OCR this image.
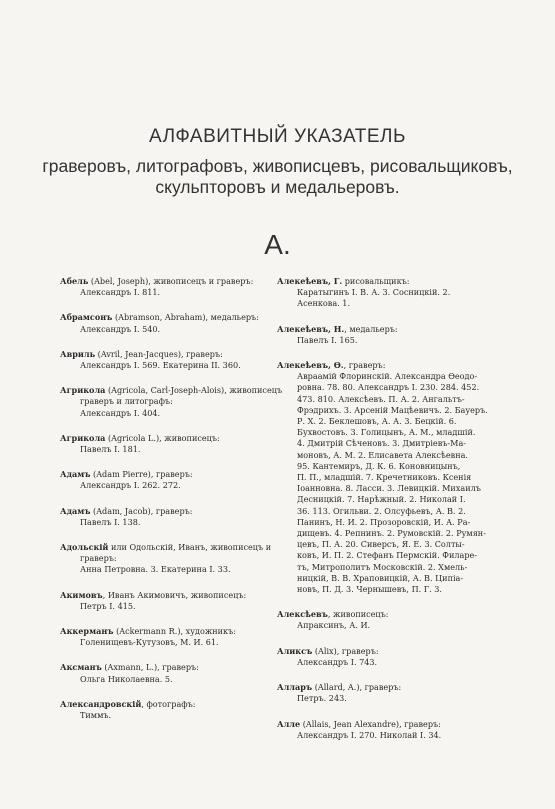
АЛФАВИТНЫЙ УКАЗАТЕЛЬ
граверовъ, литографовъ, живописцевъ, рисовальщиковъ,
скульпторовъ и медальеровъ.
А.
Абель (Abel, Joseph), живописецъ и граверъ:
Александръ I. 811.
Абрамсонъ (Abramson, Abraham), медальеръ:
Александръ I. 540.
Авриль (Avril, Jean-Jacques), граверъ:
Александръ I. 569. Екатерина II. 360.
Агрикола (Agricola, Carl-Joseph-Alois), живописецъ
граверъ и литографъ:
Александръ I. 404.
Агрикола (Agricola L.), живописецъ:
Павелъ I. 181.
Адамъ (Adam Pierre), граверъ:
Александръ I. 262. 272.
Адамъ (Adam, Jacob), граверъ:
Павелъ I. 138.
Адольскій или Одольскій, Иванъ, живописецъ и
граверъ:
Анна Петровна. 3. Екатерина I. 33.
Акимовъ, Иванъ Акимовичъ, живописецъ:
Петръ I. 415.
Аккерманъ (Ackermann R.), художникъ:
Голенищевъ-Кутузовъ, М. И. 61.
Аксманъ (Axmann, L.), граверъ:
Ольга Николаевна. 5.
Александровскій, фотографъ:
Тиммъ.
Алекеѣевъ, Г. рисовальщикъ:
Каратыгинъ I. В. А. 3. Сосницкій. 2.
Асенкова. 1.
Алекеѣевъ, Н., медальеръ:
Павелъ I. 165.
Алекеѣевъ, Ѳ., граверъ:
Авраамій Флоринскій. Александра Ѳеодо-
ровна. 78. 80. Александръ I. 230. 284. 452.
473. 810. Алексѣевъ. П. А. 2. Ангальтъ-
Фрэдрихъ. 3. Арсеній Мацѣевичъ. 2. Бауеръ.
Р. Х. 2. Беклешовъ, А. А. 3. Бецкій. 6.
Бухвостовъ. 3. Голицынъ, А. М., младшій.
4. Дмитрій Сѣченовъ. 3. Дмитріевъ-Ма-
моновъ, А. М. 2. Елисавета Алексѣевна.
95. Кантемиръ, Д. К. 6. Коновницынъ,
П. П., младшій. 7. Кречетниковъ. Ксенія
Іоанновна. 8. Ласси. 3. Левицкій. Михаилъ
Десницкій. 7. Нарѣжный. 2. Николай I.
36. 113. Огильви. 2. Олсуфьевъ, А. В. 2.
Панинъ, Н. И. 2. Прозоровскій, И. А. Ра-
дищевъ. 4. Репнинъ. 2. Румовскій. 2. Румян-
цевъ, П. А. 20. Сиверсъ, Я. Е. 3. Солты-
ковъ, И. П. 2. Стефанъ Пермскій. Филаре-
тъ, Митрополитъ Московскій. 2. Хмель-
ницкій, В. В. Храповицкій, А. В. Ципіа-
новъ, П. Д. 3. Чернышевъ, П. Г. 3.
Алексѣевъ, живописецъ:
Апраксинъ, А. И.
Аликсъ (Alix), граверъ:
Александръ I. 743.
Алларъ (Allard, A.), граверъ:
Петръ. 243.
Алле (Allais, Jean Alexandre), граверъ:
Александръ I. 270. Николай I. 34.
